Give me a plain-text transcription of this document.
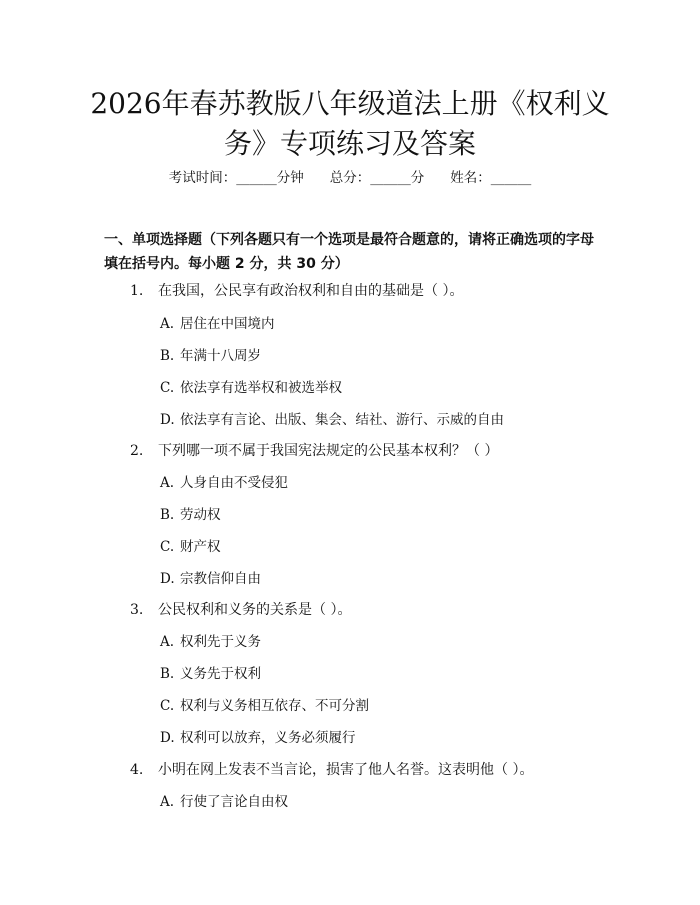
2026年春苏教版八年级道法上册《权利义
务》专项练习及答案
考试时间：______分钟 总分：______分 姓名：______
一、单项选择题（下列各题只有一个选项是最符合题意的，请将正确选项的字母
填在括号内。每小题 2 分，共 30 分）
1. 在我国，公民享有政治权利和自由的基础是（ ）。
A. 居住在中国境内
B. 年满十八周岁
C. 依法享有选举权和被选举权
D. 依法享有言论、出版、集会、结社、游行、示威的自由
2. 下列哪一项不属于我国宪法规定的公民基本权利？（ ）
A. 人身自由不受侵犯
B. 劳动权
C. 财产权
D. 宗教信仰自由
3. 公民权利和义务的关系是（ ）。
A. 权利先于义务
B. 义务先于权利
C. 权利与义务相互依存、不可分割
D. 权利可以放弃，义务必须履行
4. 小明在网上发表不当言论，损害了他人名誉。这表明他（ ）。
A. 行使了言论自由权
